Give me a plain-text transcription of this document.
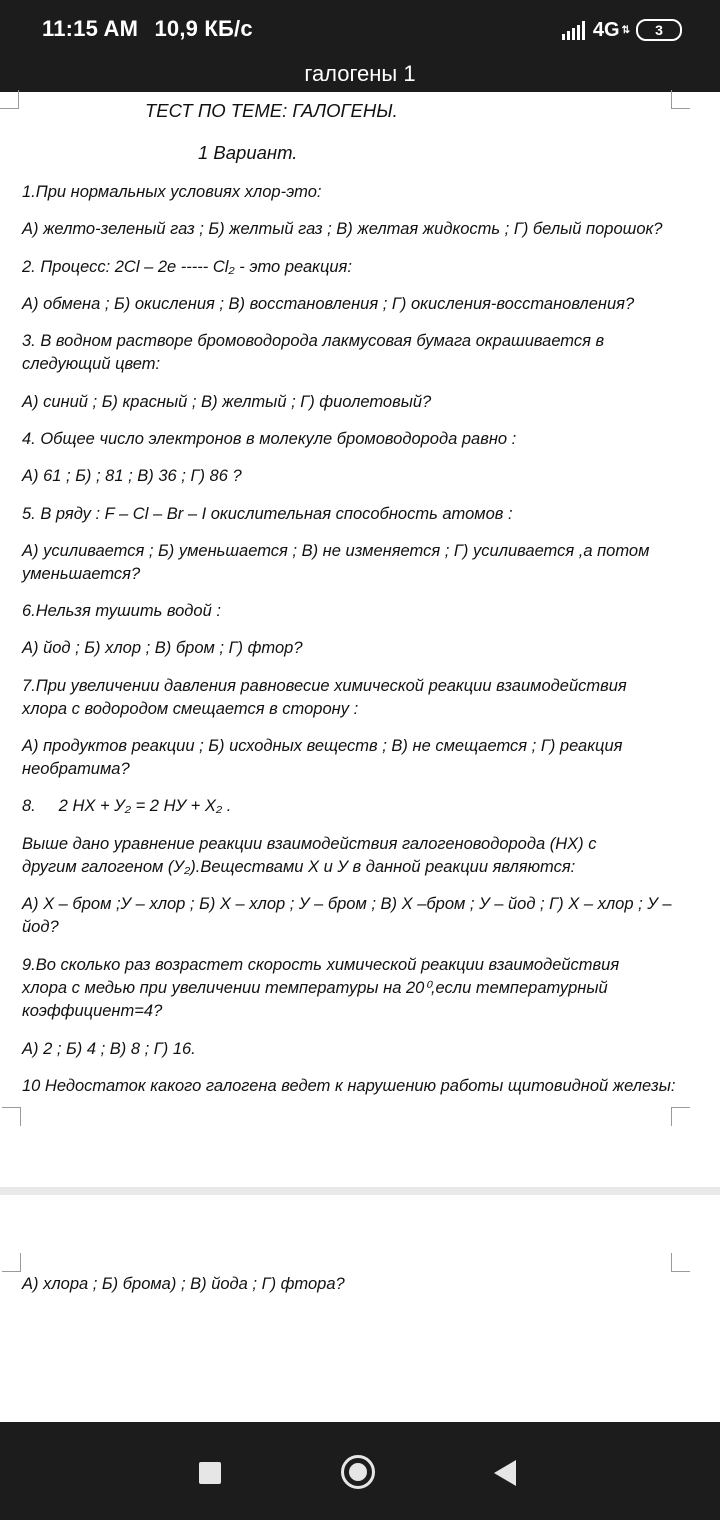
11:15 AM 10,9 КБ/с	4G ⇅	3
галогены 1
ТЕСТ ПО ТЕМЕ: ГАЛОГЕНЫ.
1 Вариант.
1.При нормальных условиях хлор-это:
А) желто-зеленый газ ; Б) желтый газ ; В) желтая жидкость ; Г) белый порошок?
2. Процесс: 2Cl – 2e ----- Cl₂ - это реакция:
А) обмена ; Б) окисления ; В) восстановления ; Г) окисления-восстановления?
3. В водном растворе бромоводорода лакмусовая бумага окрашивается в следующий цвет:
А) синий ; Б) красный ; В) желтый ; Г) фиолетовый?
4. Общее число электронов в молекуле бромоводорода равно :
А) 61 ; Б) ; 81 ; В) 36 ; Г) 86 ?
5. В ряду : F – Cl – Br – I окислительная способность атомов :
А) усиливается ; Б) уменьшается ; В) не изменяется ; Г) усиливается ,а потом уменьшается?
6.Нельзя тушить водой :
А) йод ; Б) хлор ; В) бром ; Г) фтор?
7.При увеличении давления равновесие химической реакции взаимодействия хлора с водородом смещается в сторону :
А) продуктов реакции ; Б) исходных веществ ; В) не смещается ; Г) реакция необратима?
8.     2 HX + У₂ = 2 HУ + X₂ .
Выше дано уравнение реакции взаимодействия галогеноводорода (HX) с другим галогеном (У₂).Веществами X и У в данной реакции являются:
А) X – бром ;У – хлор ; Б) X – хлор ; У – бром ; В) X –бром ; У – йод ; Г) X – хлор ; У – йод?
9.Во сколько раз возрастет скорость химической реакции взаимодействия хлора с медью при увеличении температуры на 20⁰,если температурный коэффициент=4?
А) 2 ; Б) 4 ; В) 8 ; Г) 16.
10 Недостаток какого галогена ведет к нарушению работы щитовидной железы:
А) хлора ; Б) брома) ; В) йода ; Г) фтора?
